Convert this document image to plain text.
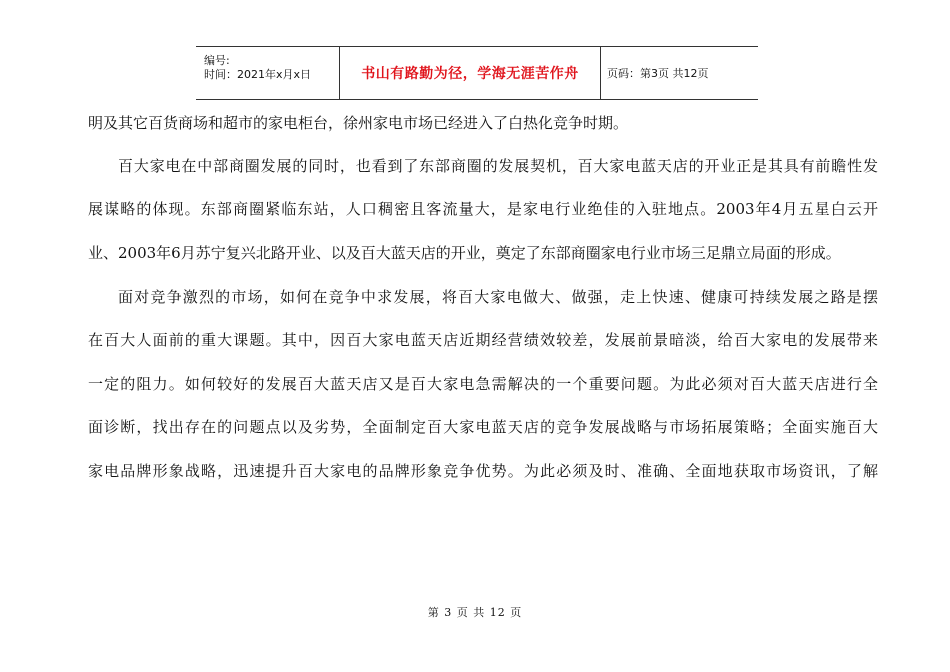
编号:
时间：2021年x月x日	书山有路勤为径，学海无涯苦作舟	页码：第3页 共12页
明及其它百货商场和超市的家电柜台，徐州家电市场已经进入了白热化竞争时期。
百大家电在中部商圈发展的同时，也看到了东部商圈的发展契机，百大家电蓝天店的开业正是其具有前瞻性发
展谋略的体现。东部商圈紧临东站，人口稠密且客流量大，是家电行业绝佳的入驻地点。2003年4月五星白云开
业、2003年6月苏宁复兴北路开业、以及百大蓝天店的开业，奠定了东部商圈家电行业市场三足鼎立局面的形成。
面对竞争激烈的市场，如何在竞争中求发展，将百大家电做大、做强，走上快速、健康可持续发展之路是摆
在百大人面前的重大课题。其中，因百大家电蓝天店近期经营绩效较差，发展前景暗淡，给百大家电的发展带来
一定的阻力。如何较好的发展百大蓝天店又是百大家电急需解决的一个重要问题。为此必须对百大蓝天店进行全
面诊断，找出存在的问题点以及劣势，全面制定百大家电蓝天店的竞争发展战略与市场拓展策略；全面实施百大
家电品牌形象战略，迅速提升百大家电的品牌形象竞争优势。为此必须及时、准确、全面地获取市场资讯，了解
第 3 页 共 12 页
